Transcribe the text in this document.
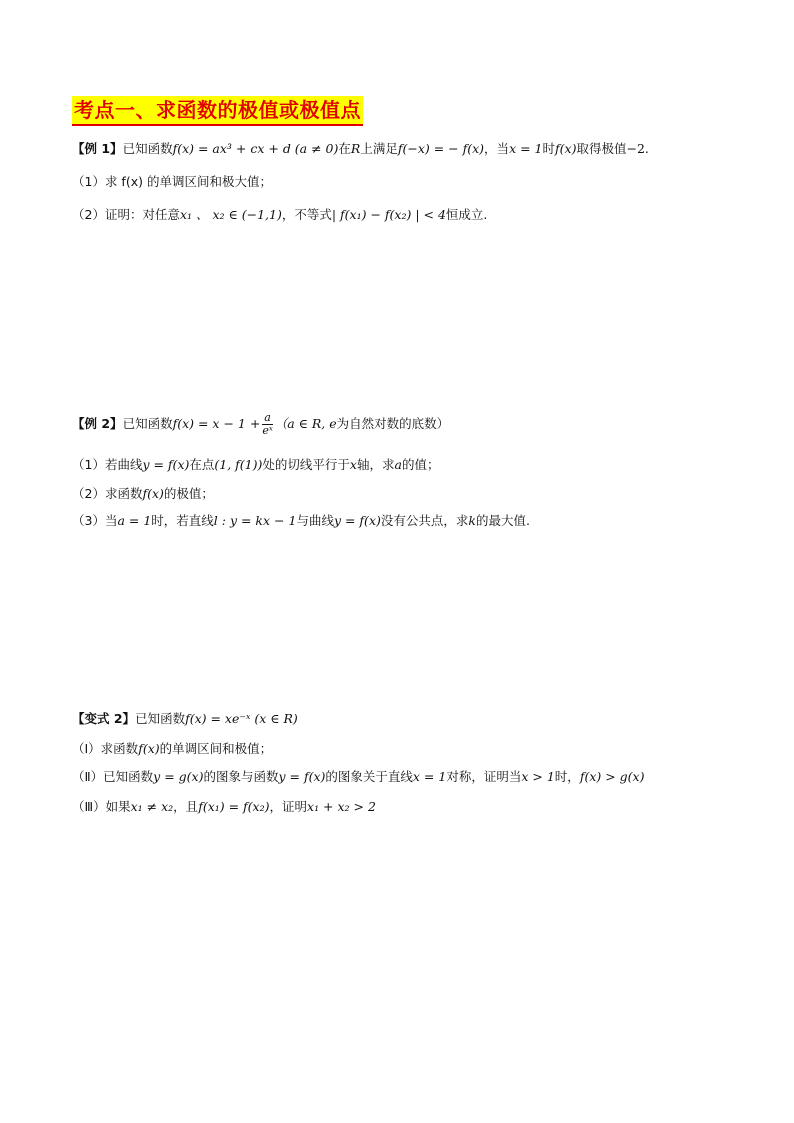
考点一、求函数的极值或极值点
【例 1】已知函数f(x) = ax³ + cx + d (a ≠ 0)在R上满足f(−x) = − f(x)，当x = 1时f(x)取得极值−2.
（1）求 f(x) 的单调区间和极大值；
（2）证明：对任意x₁ 、 x₂ ∈ (−1,1)，不等式| f(x₁) − f(x₂) | < 4恒成立.
【例 2】已知函数$f(x) = x - 1 + \frac{a}{\text{eˣ}} (a$ ∈ R, e为自然对数的底数）
（1）若曲线y = f(x)在点(1, f(1))处的切线平行于x轴，求a的值；
（2）求函数f(x)的极值；
（3）当a = 1时，若直线l : y = kx − 1与曲线y = f(x)没有公共点，求k的最大值.
【变式 2】已知函数f(x) = xe⁻ˣ (x ∈ R)
（Ⅰ）求函数f(x)的单调区间和极值；
（Ⅱ）已知函数y = g(x)的图象与函数y = f(x)的图象关于直线x = 1对称，证明当x > 1时，f(x) > g(x)
（Ⅲ）如果x₁ ≠ x₂，且f(x₁) = f(x₂)，证明x₁ + x₂ > 2
